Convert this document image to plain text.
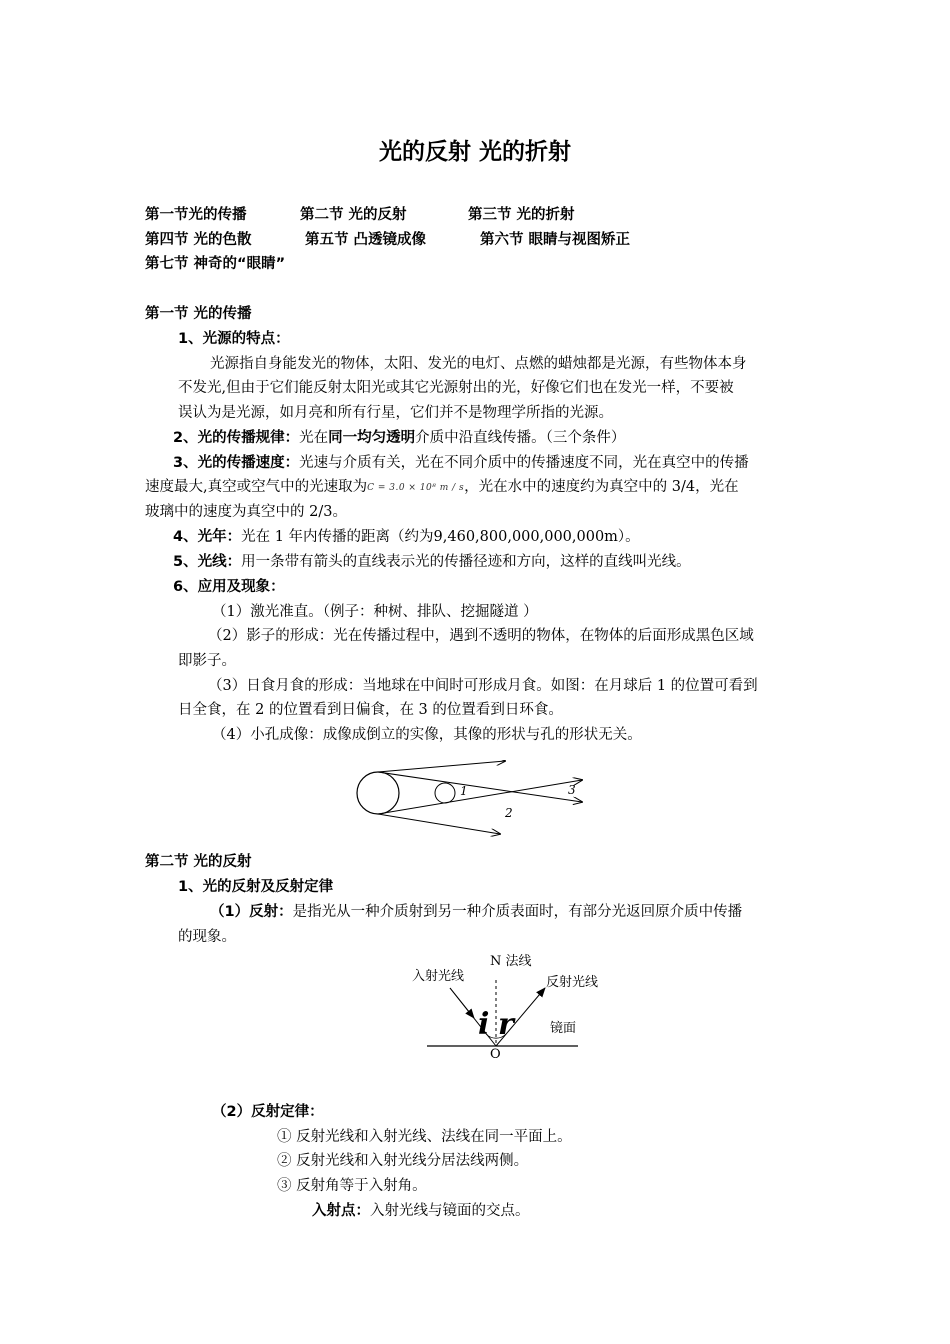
光的反射 光的折射
第一节光的传播	第二节 光的反射	第三节 光的折射
第四节 光的色散	第五节 凸透镜成像	第六节 眼睛与视图矫正
第七节 神奇的“眼睛”
第一节 光的传播
1、光源的特点：
光源指自身能发光的物体，太阳、发光的电灯、点燃的蜡烛都是光源，有些物体本身
不发光,但由于它们能反射太阳光或其它光源射出的光，好像它们也在发光一样，不要被
误认为是光源，如月亮和所有行星，它们并不是物理学所指的光源。
2、光的传播规律：光在同一均匀透明介质中沿直线传播。（三个条件）
3、光的传播速度：光速与介质有关，光在不同介质中的传播速度不同，光在真空中的传播
速度最大,真空或空气中的光速取为C = 3.0 × 10⁸ m / s，光在水中的速度约为真空中的 3/4，光在
玻璃中的速度为真空中的 2/3。
4、光年：光在 1 年内传播的距离（约为9,460,800,000,000,000m）。
5、光线：用一条带有箭头的直线表示光的传播径迹和方向，这样的直线叫光线。
6、应用及现象：
（1）激光准直。（例子：种树、排队、挖掘隧道 ）
（2）影子的形成：光在传播过程中，遇到不透明的物体，在物体的后面形成黑色区域
即影子。
（3）日食月食的形成：当地球在中间时可形成月食。如图：在月球后 1 的位置可看到
日全食，在 2 的位置看到日偏食，在 3 的位置看到日环食。
（4）小孔成像：成像成倒立的实像，其像的形状与孔的形状无关。
1
2
3
第二节 光的反射
1、光的反射及反射定律
（1）反射：是指光从一种介质射到另一种介质表面时，有部分光返回原介质中传播
的现象。
N 法线
入射光线	反射光线
镜面
i r
O
（2）反射定律：
① 反射光线和入射光线、法线在同一平面上。
② 反射光线和入射光线分居法线两侧。
③ 反射角等于入射角。
入射点：入射光线与镜面的交点。
